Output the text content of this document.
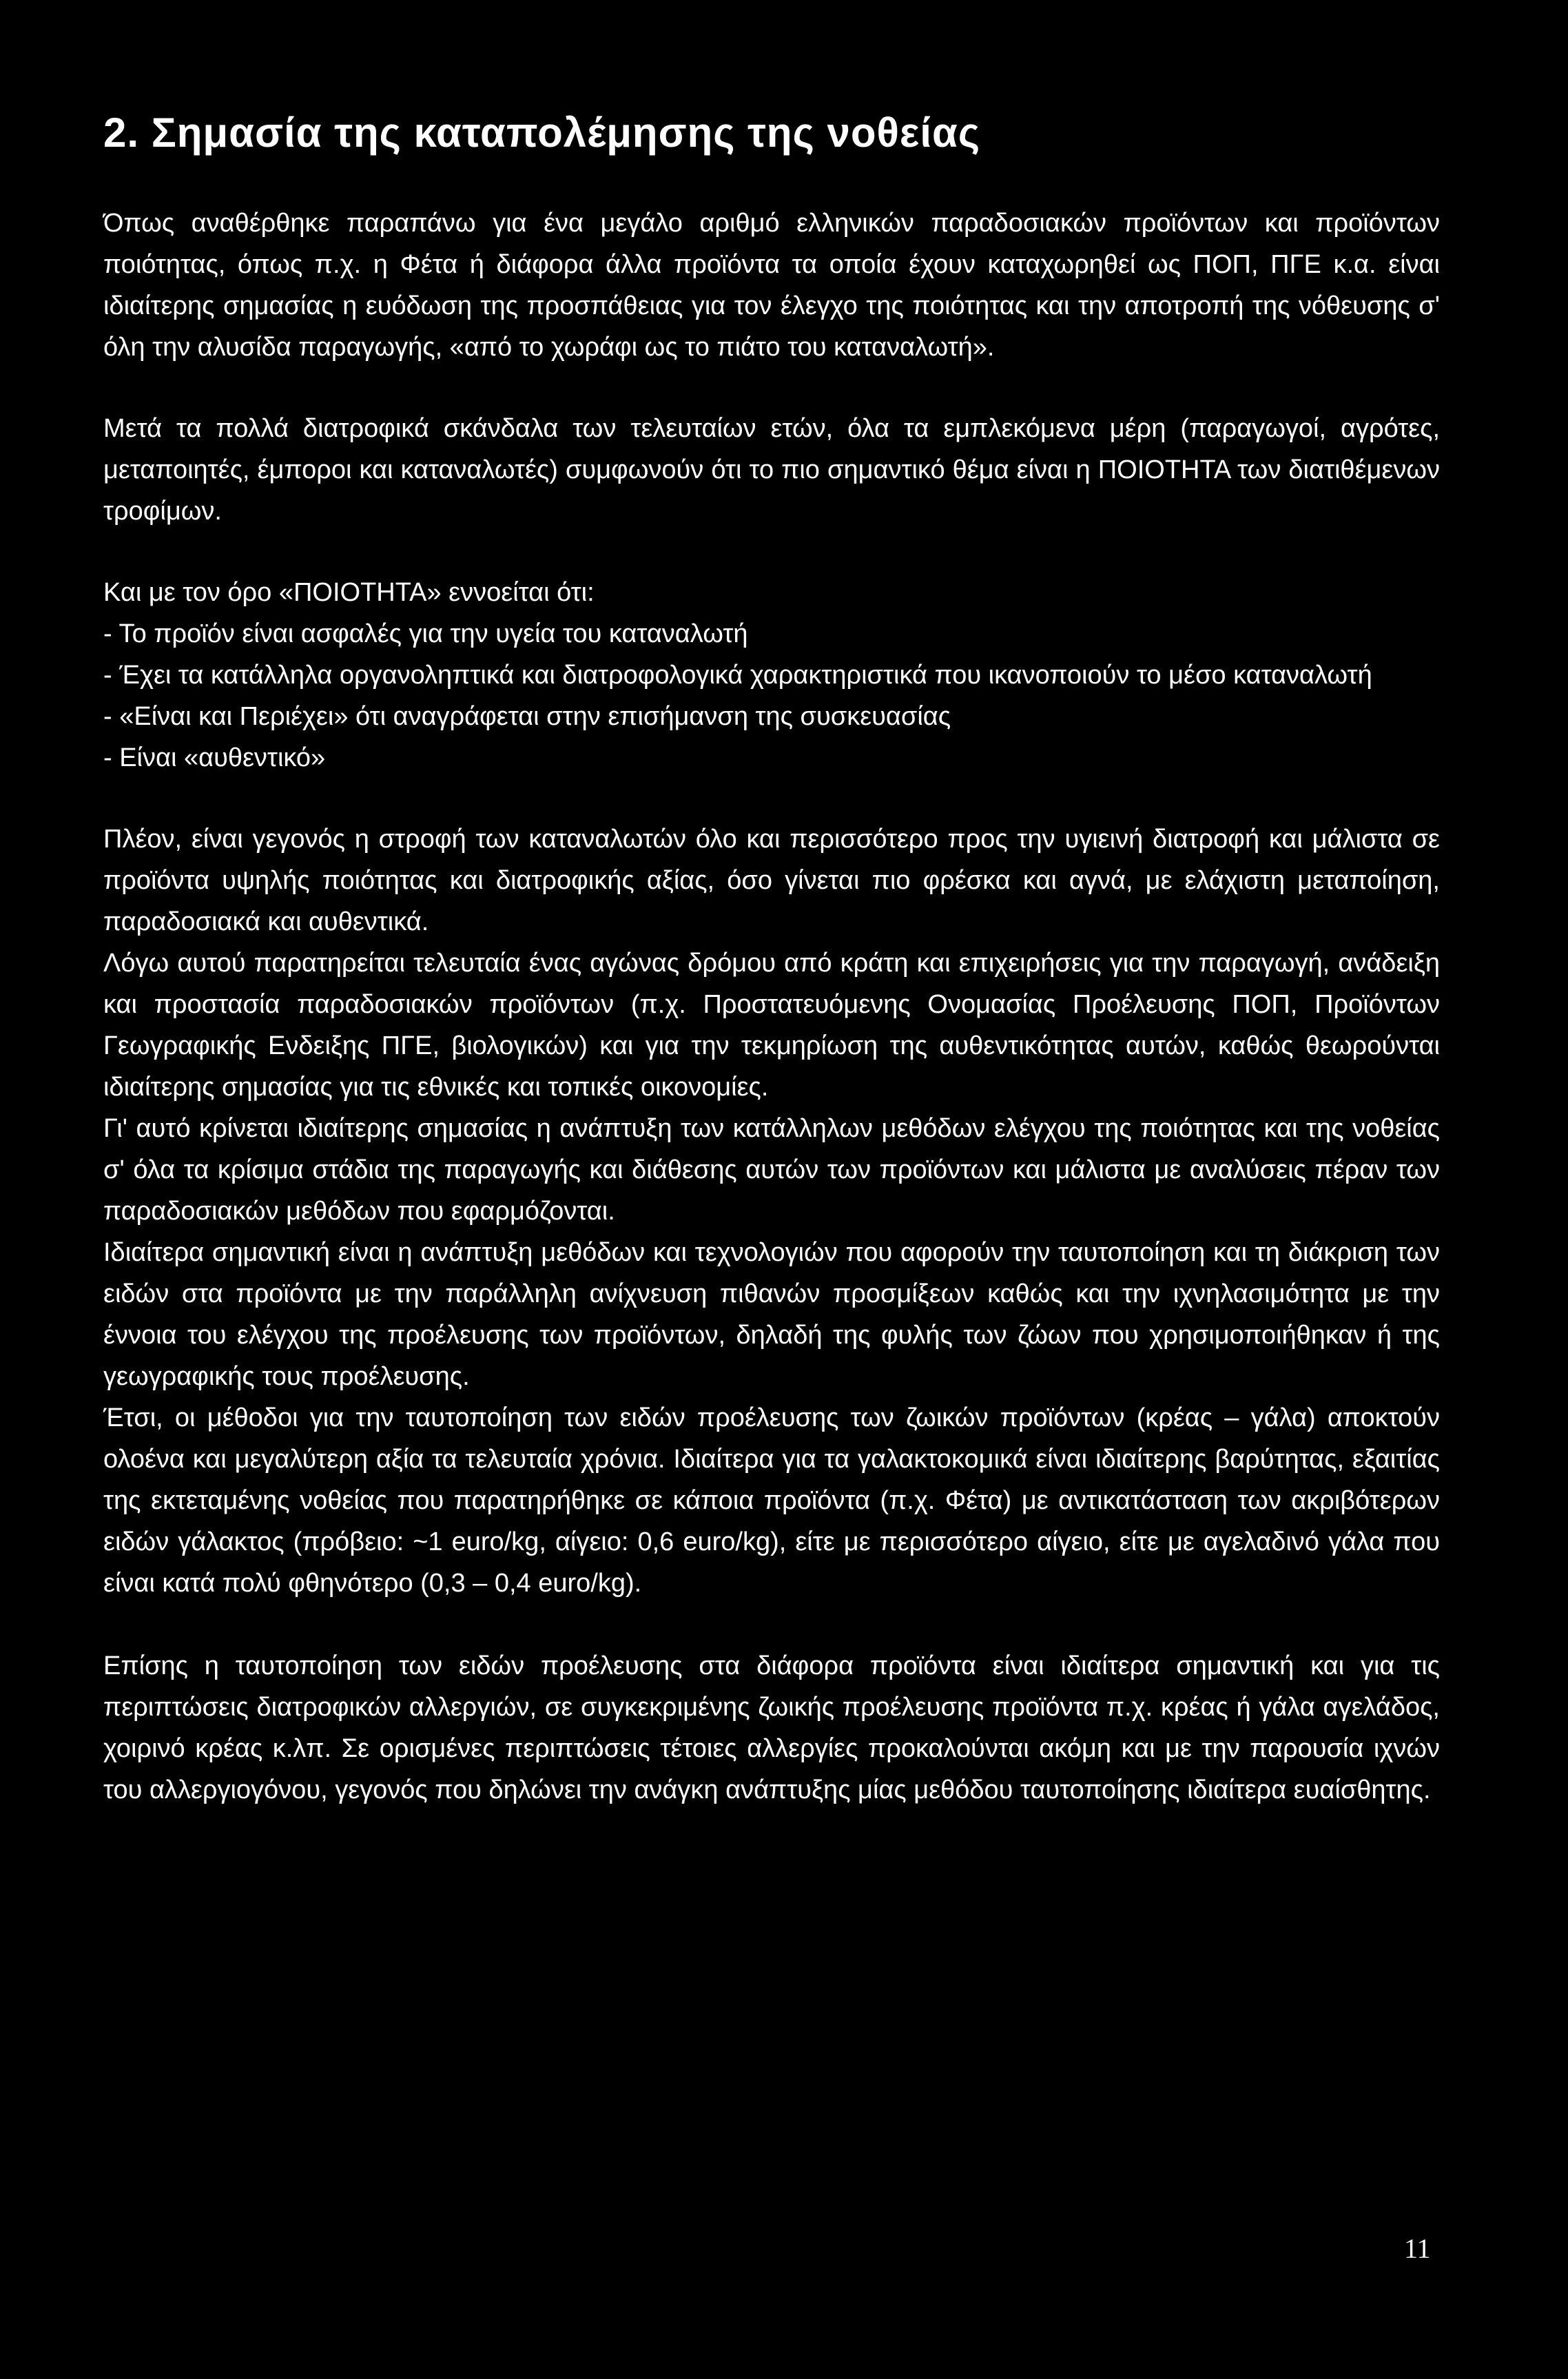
2. Σημασία της καταπολέμησης της νοθείας

Όπως αναθέρθηκε παραπάνω για ένα μεγάλο αριθμό ελληνικών παραδοσιακών προϊόντων και προϊόντων ποιότητας, όπως π.χ. η Φέτα ή διάφορα άλλα προϊόντα τα οποία έχουν καταχωρηθεί ως ΠΟΠ, ΠΓΕ κ.α. είναι ιδιαίτερης σημασίας η ευόδωση της προσπάθειας για τον έλεγχο της ποιότητας και την αποτροπή της νόθευσης σ' όλη την αλυσίδα παραγωγής, «από το χωράφι ως το πιάτο του καταναλωτή».

Μετά τα πολλά διατροφικά σκάνδαλα των τελευταίων ετών, όλα τα εμπλεκόμενα μέρη (παραγωγοί, αγρότες, μεταποιητές, έμποροι και καταναλωτές) συμφωνούν ότι το πιο σημαντικό θέμα είναι η ΠΟΙΟΤΗΤΑ των διατιθέμενων τροφίμων.

Και με τον όρο «ΠΟΙΟΤΗΤΑ» εννοείται ότι:

- Το προϊόν είναι ασφαλές για την υγεία του καταναλωτή

- Έχει τα κατάλληλα οργανοληπτικά και διατροφολογικά χαρακτηριστικά που ικανοποιούν το μέσο καταναλωτή

- «Είναι και Περιέχει» ότι αναγράφεται στην επισήμανση της συσκευασίας

- Είναι «αυθεντικό»

Πλέον, είναι γεγονός η στροφή των καταναλωτών όλο και περισσότερο προς την υγιεινή διατροφή και μάλιστα σε προϊόντα υψηλής ποιότητας και διατροφικής αξίας, όσο γίνεται πιο φρέσκα και αγνά, με ελάχιστη μεταποίηση, παραδοσιακά και αυθεντικά.

Λόγω αυτού παρατηρείται τελευταία ένας αγώνας δρόμου από κράτη και επιχειρήσεις για την παραγωγή, ανάδειξη και προστασία παραδοσιακών προϊόντων (π.χ. Προστατευόμενης Ονομασίας Προέλευσης ΠΟΠ, Προϊόντων Γεωγραφικής Ενδειξης ΠΓΕ, βιολογικών) και για την τεκμηρίωση της αυθεντικότητας αυτών, καθώς θεωρούνται ιδιαίτερης σημασίας για τις εθνικές και τοπικές οικονομίες.

Γι' αυτό κρίνεται ιδιαίτερης σημασίας η ανάπτυξη των κατάλληλων μεθόδων ελέγχου της ποιότητας και της νοθείας σ' όλα τα κρίσιμα στάδια της παραγωγής και διάθεσης αυτών των προϊόντων και μάλιστα με αναλύσεις πέραν των παραδοσιακών μεθόδων που εφαρμόζονται.

Ιδιαίτερα σημαντική είναι η ανάπτυξη μεθόδων και τεχνολογιών που αφορούν την ταυτοποίηση και τη διάκριση των ειδών στα προϊόντα με την παράλληλη ανίχνευση πιθανών προσμίξεων καθώς και την ιχνηλασιμότητα με την έννοια του ελέγχου της προέλευσης των προϊόντων, δηλαδή της φυλής των ζώων που χρησιμοποιήθηκαν ή της γεωγραφικής τους προέλευσης.

Έτσι, οι μέθοδοι για την ταυτοποίηση των ειδών προέλευσης των ζωικών προϊόντων (κρέας – γάλα) αποκτούν ολοένα και μεγαλύτερη αξία τα τελευταία χρόνια. Ιδιαίτερα για τα γαλακτοκομικά είναι ιδιαίτερης βαρύτητας, εξαιτίας της εκτεταμένης νοθείας που παρατηρήθηκε σε κάποια προϊόντα (π.χ. Φέτα) με αντικατάσταση των ακριβότερων ειδών γάλακτος (πρόβειο: ~1 euro/kg, αίγειο: 0,6 euro/kg), είτε με περισσότερο αίγειο, είτε με αγελαδινό γάλα που είναι κατά πολύ φθηνότερο (0,3 – 0,4 euro/kg).

Επίσης η ταυτοποίηση των ειδών προέλευσης στα διάφορα προϊόντα είναι ιδιαίτερα σημαντική και για τις περιπτώσεις διατροφικών αλλεργιών, σε συγκεκριμένης ζωικής προέλευσης προϊόντα π.χ. κρέας ή γάλα αγελάδος, χοιρινό κρέας κ.λπ. Σε ορισμένες περιπτώσεις τέτοιες αλλεργίες προκαλούνται ακόμη και με την παρουσία ιχνών του αλλεργιογόνου, γεγονός που δηλώνει την ανάγκη ανάπτυξης μίας μεθόδου ταυτοποίησης ιδιαίτερα ευαίσθητης.

11
